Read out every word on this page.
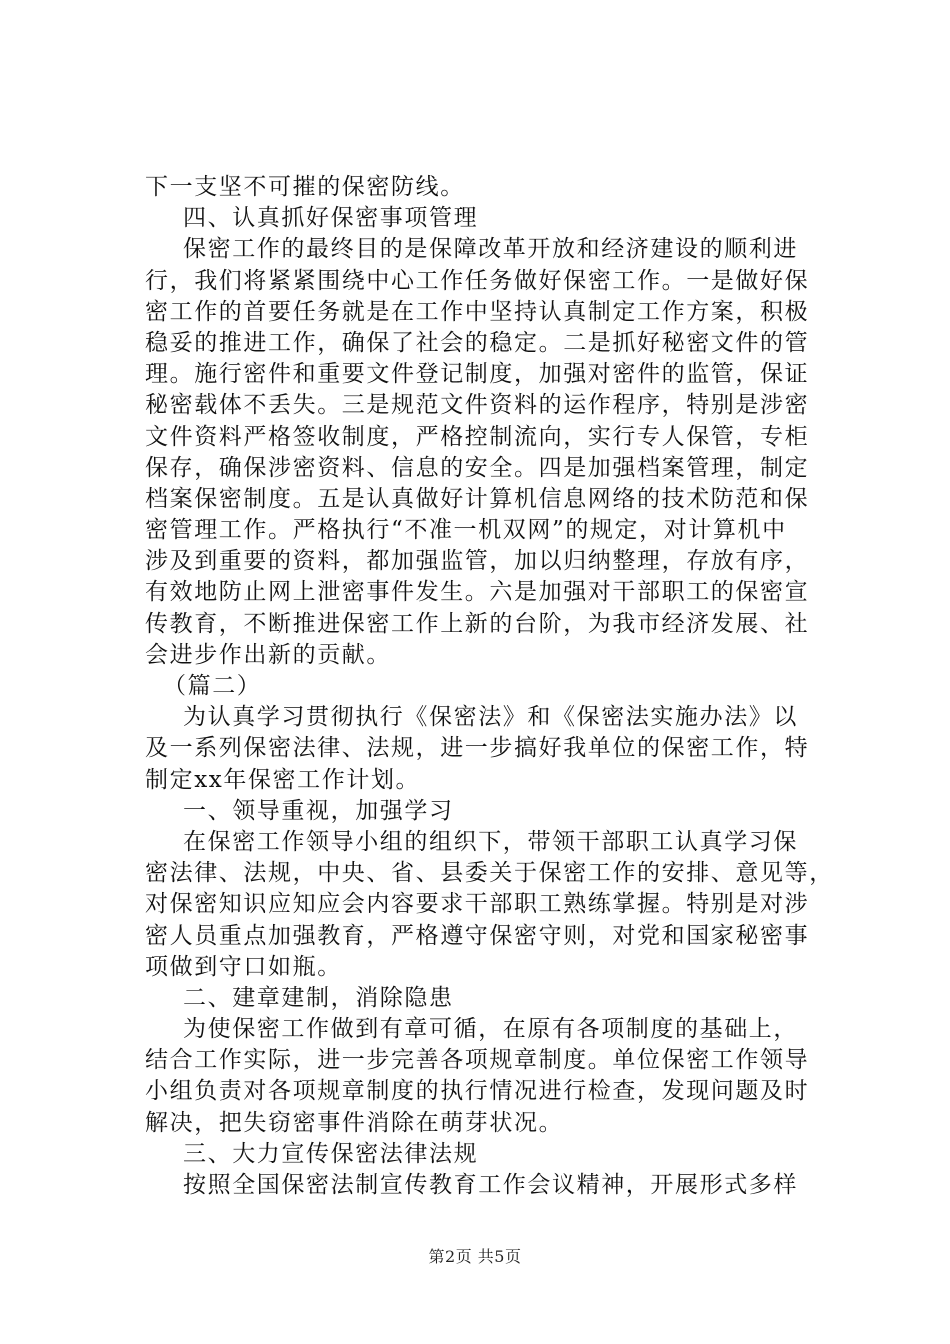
下一支坚不可摧的保密防线。
四、认真抓好保密事项管理
保密工作的最终目的是保障改革开放和经济建设的顺利进
行，我们将紧紧围绕中心工作任务做好保密工作。一是做好保
密工作的首要任务就是在工作中坚持认真制定工作方案，积极
稳妥的推进工作，确保了社会的稳定。二是抓好秘密文件的管
理。施行密件和重要文件登记制度，加强对密件的监管，保证
秘密载体不丢失。三是规范文件资料的运作程序，特别是涉密
文件资料严格签收制度，严格控制流向，实行专人保管，专柜
保存，确保涉密资料、信息的安全。四是加强档案管理，制定
档案保密制度。五是认真做好计算机信息网络的技术防范和保
密管理工作。严格执行“不准一机双网”的规定，对计算机中
涉及到重要的资料，都加强监管，加以归纳整理，存放有序，
有效地防止网上泄密事件发生。六是加强对干部职工的保密宣
传教育，不断推进保密工作上新的台阶，为我市经济发展、社
会进步作出新的贡献。
（篇二）
为认真学习贯彻执行《保密法》和《保密法实施办法》以
及一系列保密法律、法规，进一步搞好我单位的保密工作，特
制定xx年保密工作计划。
一、领导重视，加强学习
在保密工作领导小组的组织下，带领干部职工认真学习保
密法律、法规，中央、省、县委关于保密工作的安排、意见等，
对保密知识应知应会内容要求干部职工熟练掌握。特别是对涉
密人员重点加强教育，严格遵守保密守则，对党和国家秘密事
项做到守口如瓶。
二、建章建制，消除隐患
为使保密工作做到有章可循，在原有各项制度的基础上，
结合工作实际，进一步完善各项规章制度。单位保密工作领导
小组负责对各项规章制度的执行情况进行检查，发现问题及时
解决，把失窃密事件消除在萌芽状况。
三、大力宣传保密法律法规
按照全国保密法制宣传教育工作会议精神，开展形式多样
第2页 共5页
